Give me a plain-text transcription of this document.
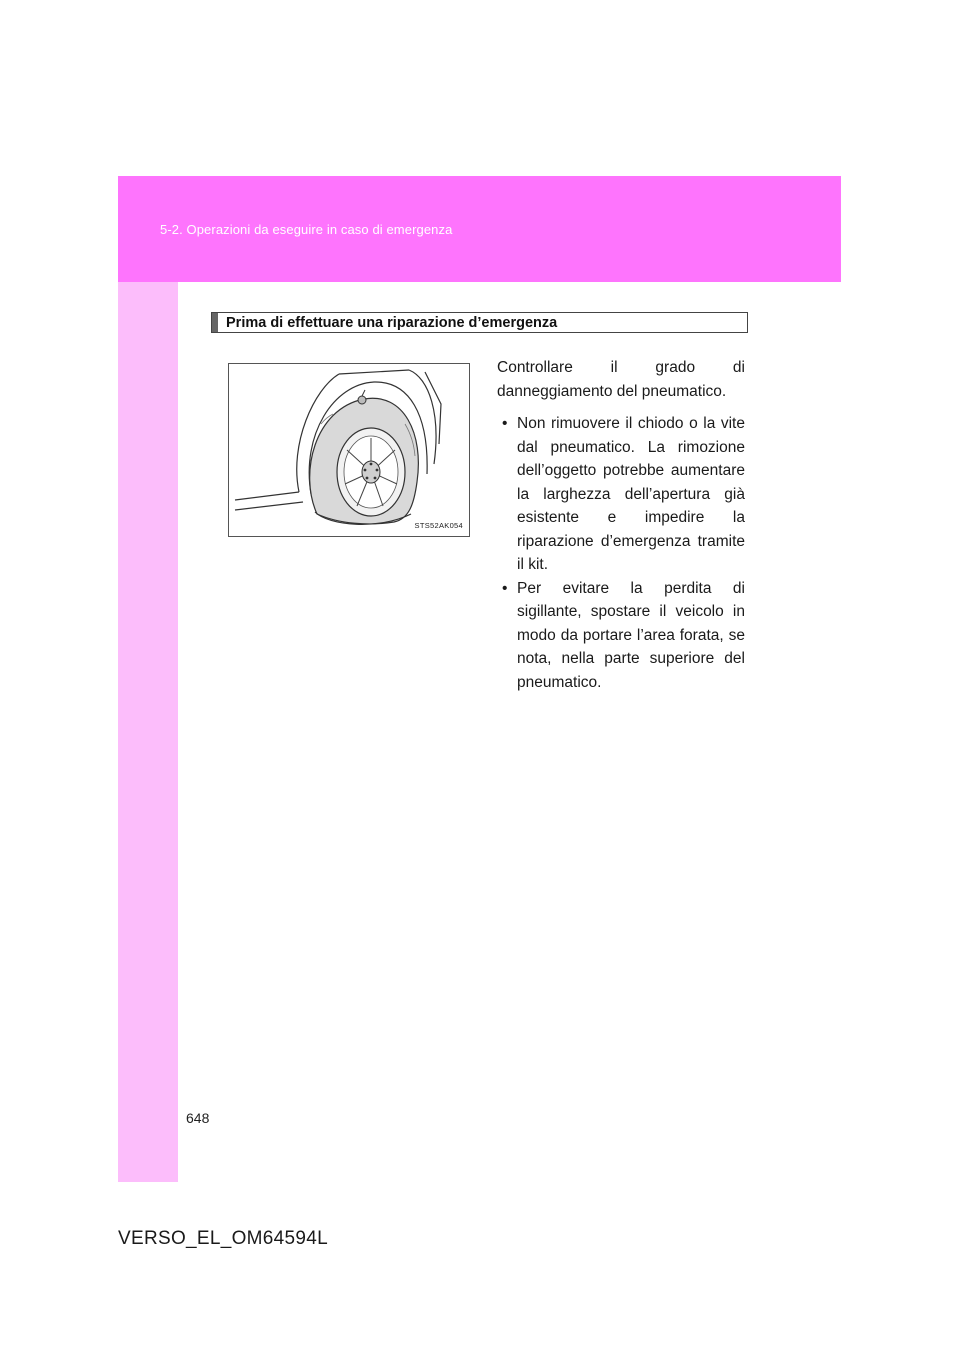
5-2. Operazioni da eseguire in caso di emergenza
Prima di effettuare una riparazione d’emergenza
STS52AK054

Controllare il grado di danneggiamento del pneumatico.

• Non rimuovere il chiodo o la vite dal pneumatico. La rimozione dell’oggetto potrebbe aumentare la larghezza dell’apertura già esistente e impedire la riparazione d’emergenza tramite il kit.
• Per evitare la perdita di sigillante, spostare il veicolo in modo da portare l’area forata, se nota, nella parte superiore del pneumatico.
648
VERSO_EL_OM64594L
